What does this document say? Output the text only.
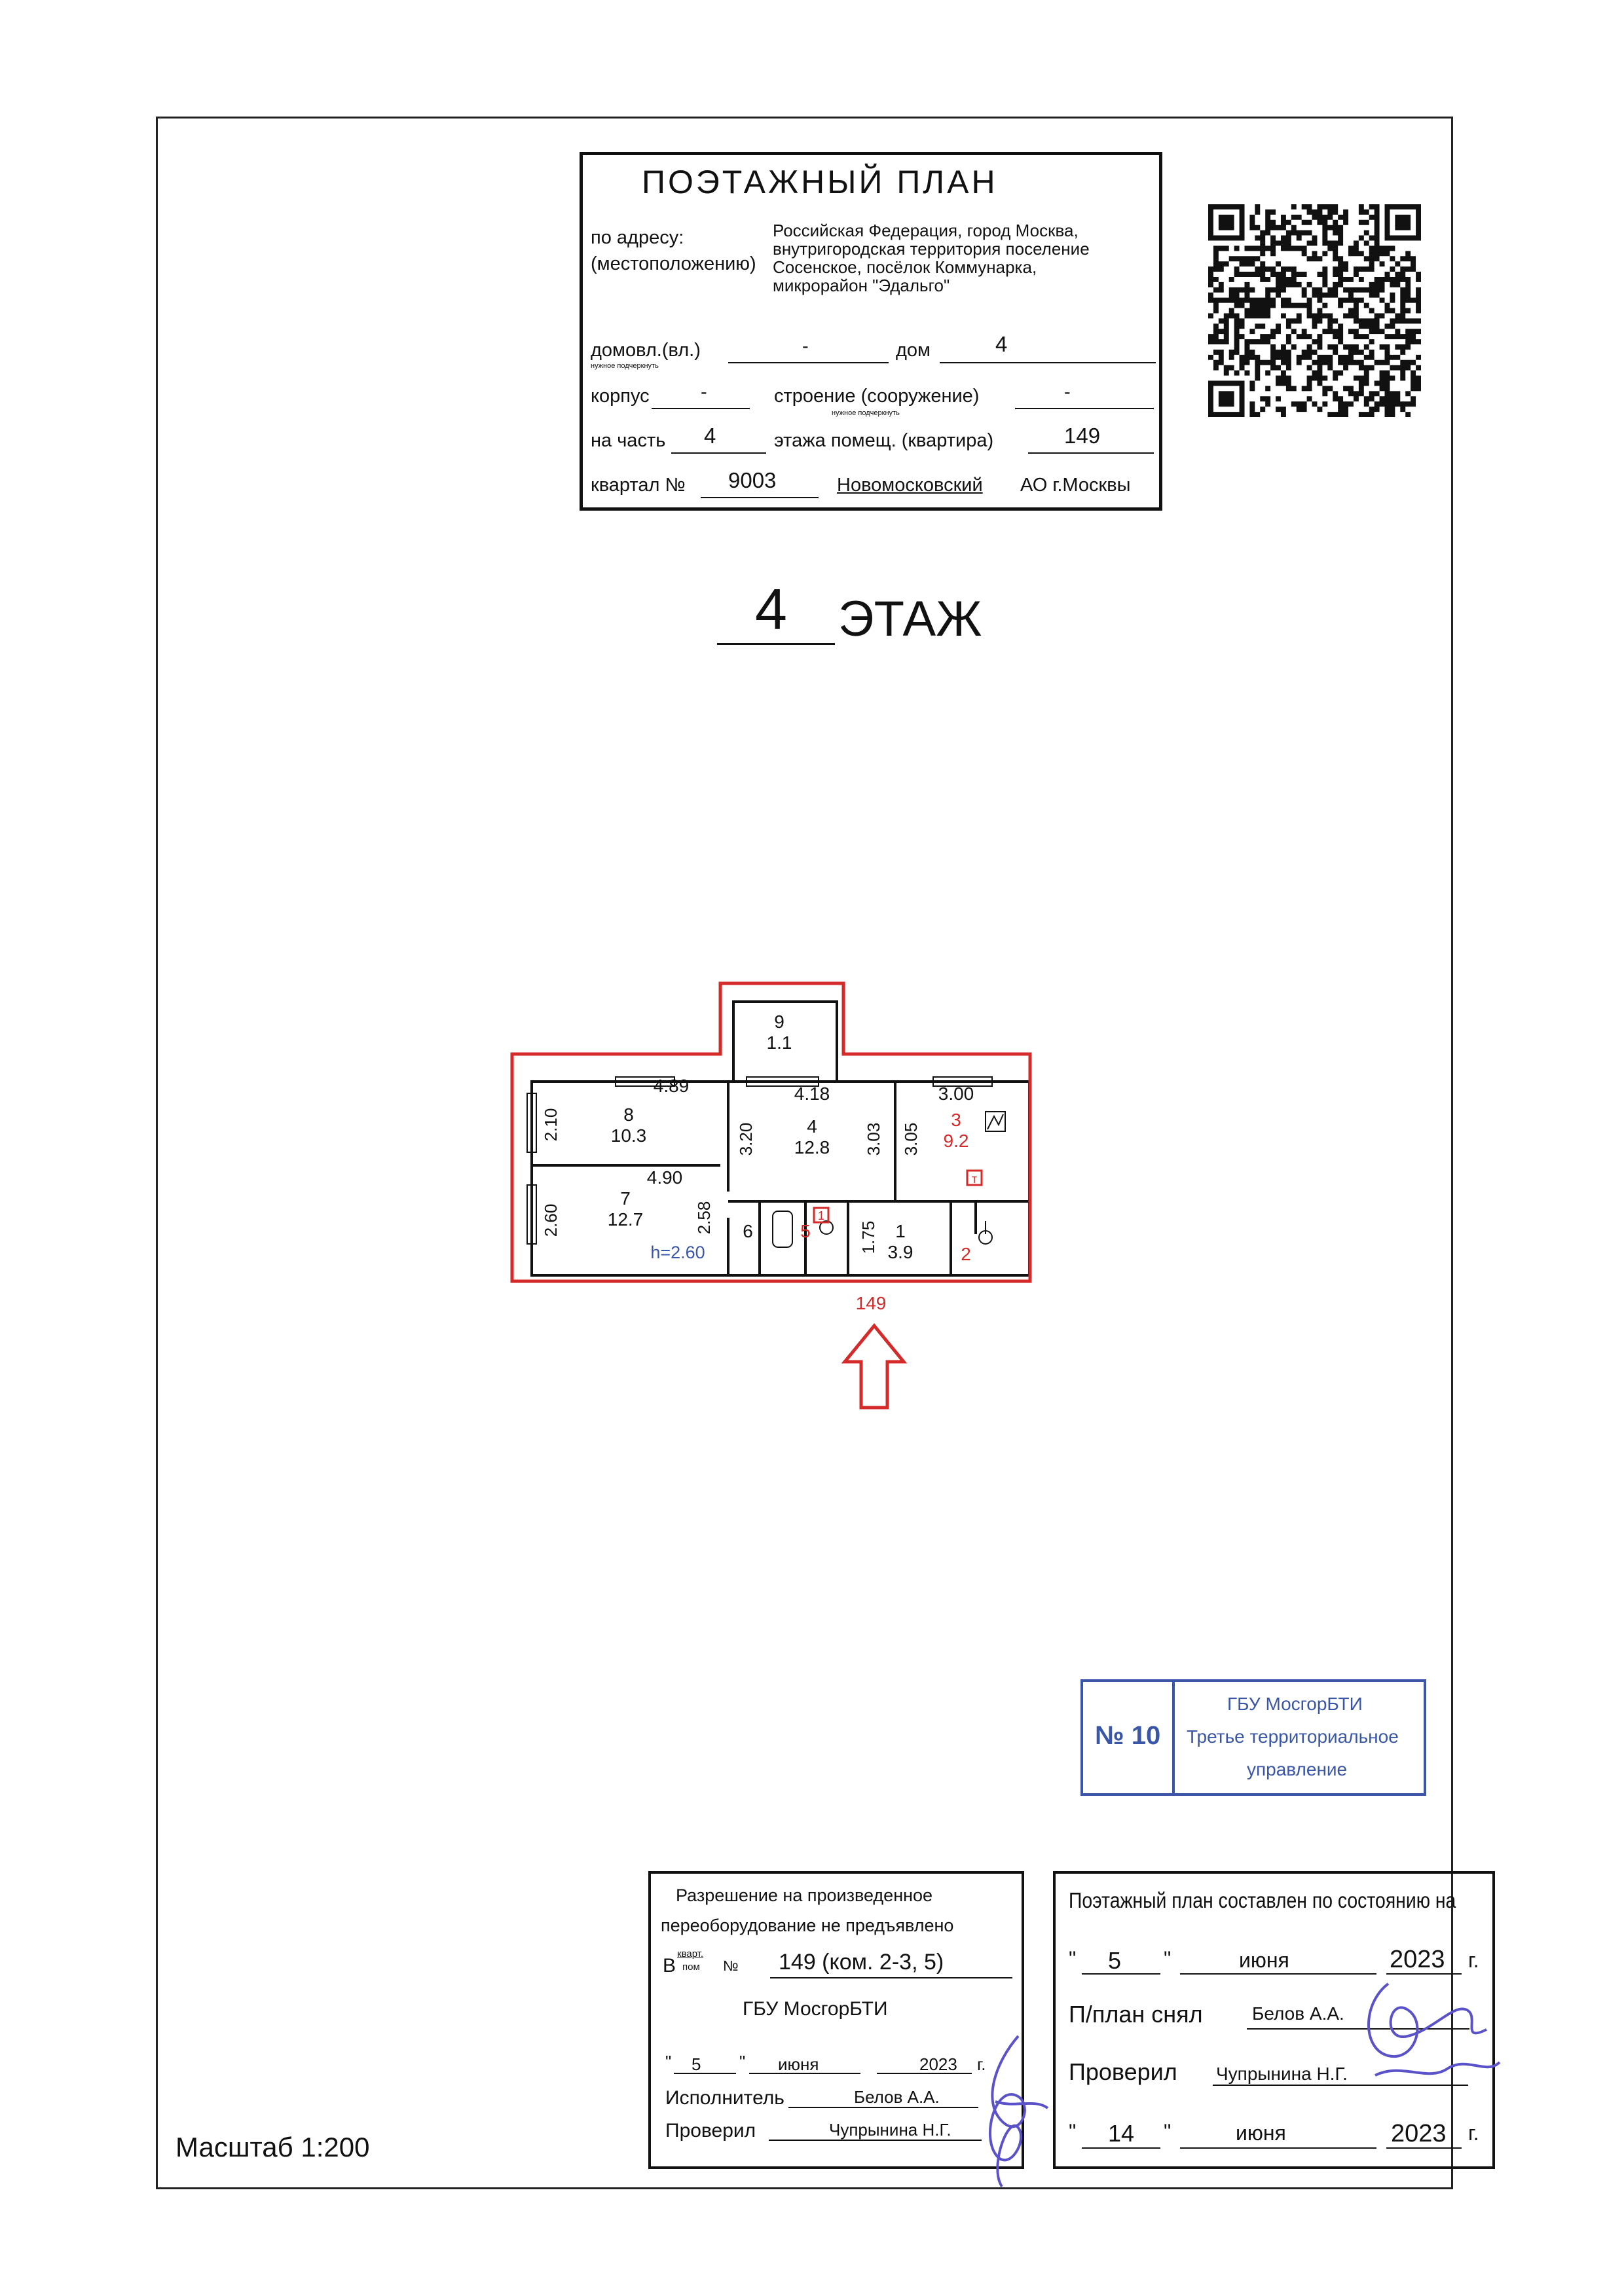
ПОЭТАЖНЫЙ ПЛАН
по адресу:
(местоположению)
Российская Федерация, город Москва,
внутригородская территория поселение
Сосенское, посёлок Коммунарка,
микрорайон "Эдальго"
домовл.(вл.)	-
нужное подчеркнуть
дом	4
корпус	-	строение (сооружение)	-
нужное подчеркнуть
на часть 4	этажа помещ. (квартира)	149
квартал № 9003	Новомосковский АО г.Москвы
4 ЭТАЖ
9
1.1
8
10.3	4
12.8
7
12.7
1
3.9
4.89	4.18	3.00
4.90
6
3
9.2
5
2
1
т
149
2.10	3.20	3.03 3.05
2.60	2.58
1.75
h=2.60
№ 10
ГБУ МосгорБТИ
Третье территориальное
управление
Разрешение на произведенное
переоборудование не предъявлено
В
кварт.
пом № 149 (ком. 2-3, 5)
ГБУ МосгорБТИ
" 5 " июня	2023 г.
Исполнитель	Белов А.А.
Проверил	Чупрынина Н.Г.
Поэтажный план составлен по состоянию на
" 5 "	июня	2023 г.
П/план снял	Белов А.А.
Проверил Чупрынина Н.Г.
" 14 "	июня	2023 г.
Масштаб 1:200
